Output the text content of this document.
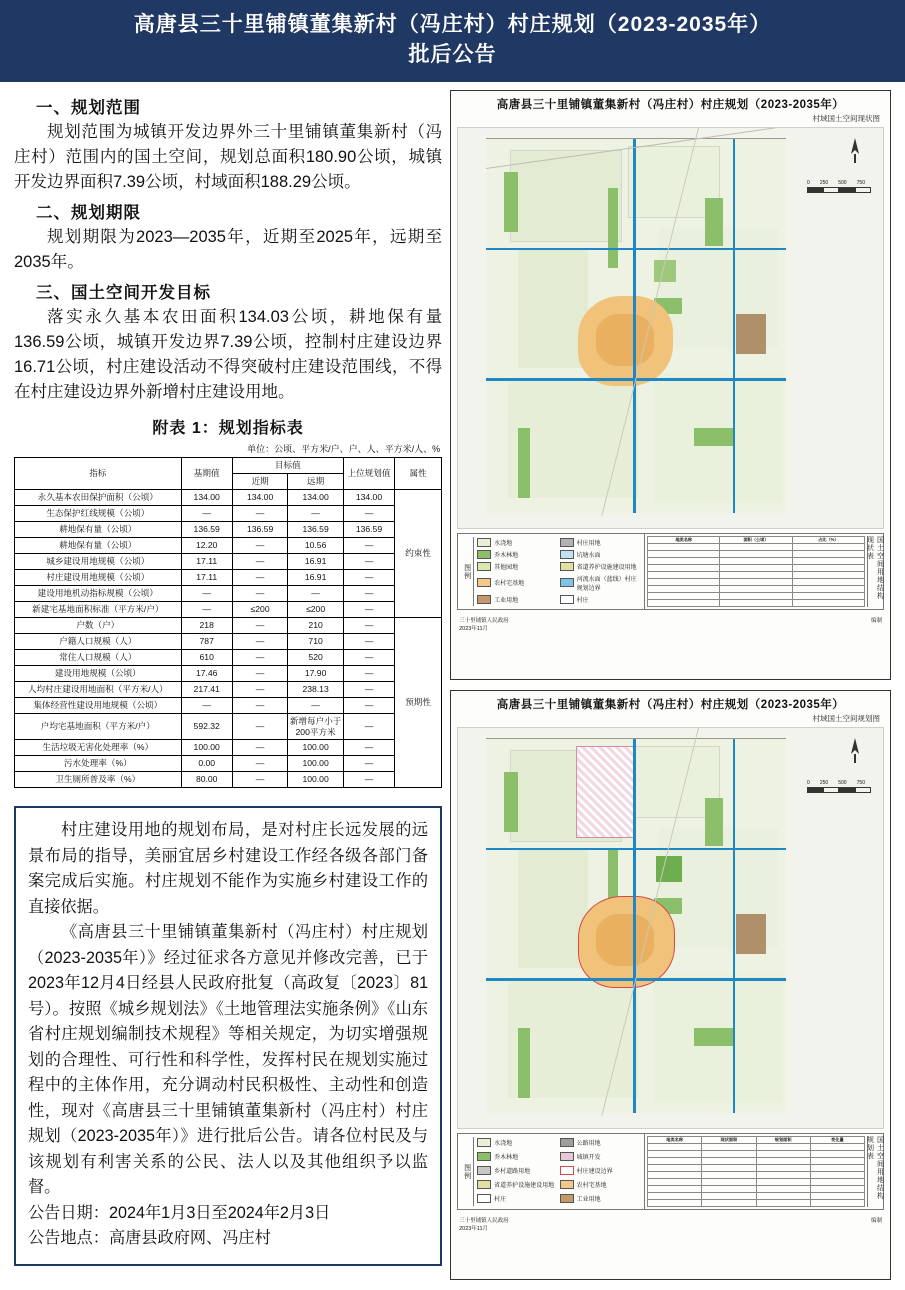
高唐县三十里铺镇董集新村（冯庄村）村庄规划（2023-2035年）
批后公告
一、规划范围
规划范围为城镇开发边界外三十里铺镇董集新村（冯庄村）范围内的国土空间，规划总面积180.90公顷，城镇开发边界面积7.39公顷，村域面积188.29公顷。
二、规划期限
规划期限为2023—2035年，近期至2025年，远期至2035年。
三、国土空间开发目标
落实永久基本农田面积134.03公顷，耕地保有量136.59公顷，城镇开发边界7.39公顷，控制村庄建设边界16.71公顷，村庄建设活动不得突破村庄建设范围线，不得在村庄建设边界外新增村庄建设用地。
附表 1：规划指标表
单位：公顷、平方米/户、户、人、平方米/人、%
指标	基期值	目标值		上位规划值	属性
		近期	远期		
永久基本农田保护面积（公顷）	134.00	134.00	134.00	134.00	约束性
生态保护红线规模（公顷）	—	—	—	—	
耕地保有量（公顷）	136.59	136.59	136.59	136.59	
耕地保有量（公顷）	12.20	—	10.56	—	
城乡建设用地规模（公顷）	17.11	—	16.91	—	
村庄建设用地规模（公顷）	17.11	—	16.91	—	
建设用地机动指标规模（公顷）	—	—	—	—	
新建宅基地面积标准（平方米/户）	—	≤200	≤200	—	
户数（户）	218	—	210	—	预期性
户籍人口规模（人）	787	—	710	—	
常住人口规模（人）	610	—	520	—	
建设用地规模（公顷）	17.46	—	17.90	—	
人均村庄建设用地面积（平方米/人）	217.41	—	238.13	—	
集体经营性建设用地规模（公顷）	—	—	—	—	
户均宅基地面积（平方米/户）	592.32	—	新增每户小于200平方米	—	
生活垃圾无害化处理率（%）	100.00	—	100.00	—	
污水处理率（%）	0.00	—	100.00	—	
卫生厕所普及率（%）	80.00	—	100.00	—	

村庄建设用地的规划布局，是对村庄长远发展的远景布局的指导，美丽宜居乡村建设工作经各级各部门备案完成后实施。村庄规划不能作为实施乡村建设工作的直接依据。

《高唐县三十里铺镇董集新村（冯庄村）村庄规划（2023-2035年）》经过征求各方意见并修改完善，已于2023年12月4日经县人民政府批复（高政复〔2023〕81号）。按照《城乡规划法》《土地管理法实施条例》《山东省村庄规划编制技术规程》等相关规定，为切实增强规划的合理性、可行性和科学性，发挥村民在规划实施过程中的主体作用，充分调动村民积极性、主动性和创造性，现对《高唐县三十里铺镇董集新村（冯庄村）村庄规划（2023-2035年）》进行批后公告。请各位村民及与该规划有利害关系的公民、法人以及其他组织予以监督。

公告日期：2024年1月3日至2024年2月3日

公告地点：高唐县政府网、冯庄村

高唐县三十里铺镇董集新村（冯庄村）村庄规划（2023-2035年）
村域国土空间现状图
0 250 500 750
图例
水浇地	村庄用地
乔木林地	坑塘水面
其他园地	省道养护设施建设用地
农村宅基地
河流水面（蓝线）村庄规划边界
工业用地	村庄
地类名称	面积（公顷）	占比（%）

			国土空间用地结构现状表
三十里铺镇人民政府	编制
2023年11月
高唐县三十里铺镇董集新村（冯庄村）村庄规划（2023-2035年）
村域国土空间规划图
0 250 500 750
图例
水浇地	公路用地
乔木林地	城镇开发
乡村道路用地	村庄建设边界
省道养护设施建设用地	农村宅基地
村庄	工业用地
地类名称	现状面积	规划面积	变化量

				国土空间用地结构规划表
三十里铺镇人民政府	编制
2023年11月
